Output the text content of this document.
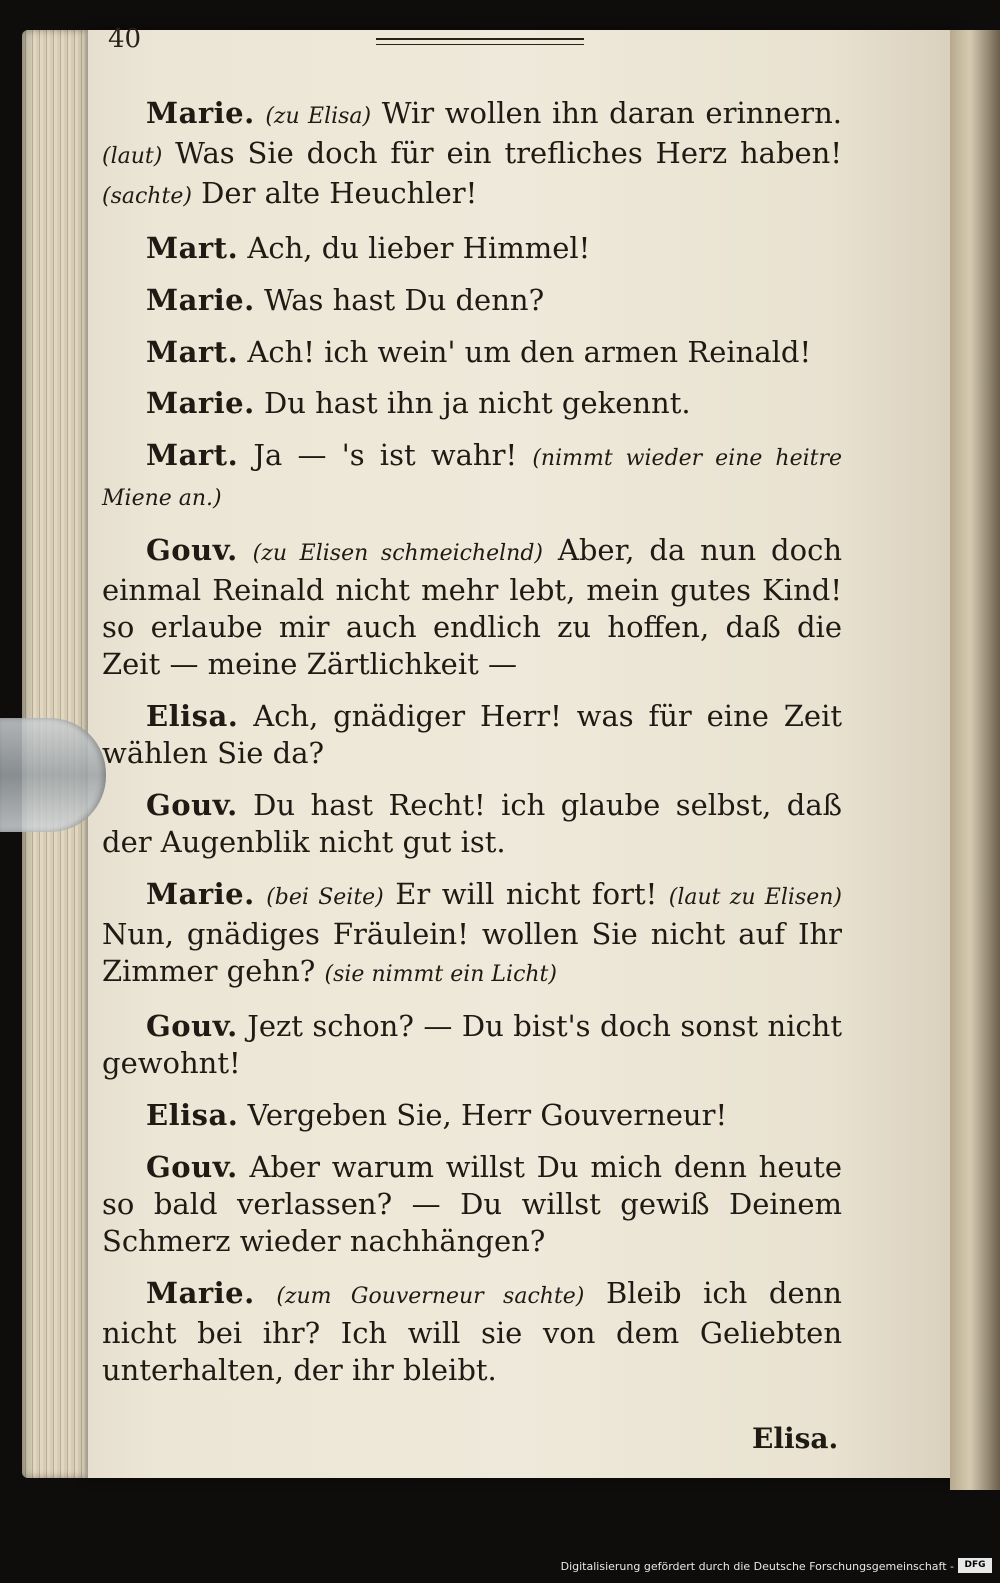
40

Marie. (zu Elisa) Wir wollen ihn daran erinnern. (laut) Was Sie doch für ein trefliches Herz haben! (sachte) Der alte Heuchler!

Mart. Ach, du lieber Himmel!

Marie. Was hast Du denn?

Mart. Ach! ich wein' um den armen Reinald!

Marie. Du hast ihn ja nicht gekennt.

Mart. Ja — 's ist wahr! (nimmt wieder eine heitre Miene an.)

Gouv. (zu Elisen schmeichelnd) Aber, da nun doch einmal Reinald nicht mehr lebt, mein gutes Kind! so erlaube mir auch endlich zu hoffen, daß die Zeit — meine Zärtlichkeit —

Elisa. Ach, gnädiger Herr! was für eine Zeit wählen Sie da?

Gouv. Du hast Recht! ich glaube selbst, daß der Augenblik nicht gut ist.

Marie. (bei Seite) Er will nicht fort! (laut zu Elisen) Nun, gnädiges Fräulein! wollen Sie nicht auf Ihr Zimmer gehn? (sie nimmt ein Licht)

Gouv. Jezt schon? — Du bist's doch sonst nicht gewohnt!

Elisa. Vergeben Sie, Herr Gouverneur!

Gouv. Aber warum willst Du mich denn heute so bald verlassen? — Du willst gewiß Deinem Schmerz wieder nachhängen?

Marie. (zum Gouverneur sachte) Bleib ich denn nicht bei ihr? Ich will sie von dem Geliebten unterhalten, der ihr bleibt.

Elisa.
Digitalisierung gefördert durch die Deutsche Forschungsgemeinschaft -	DFG
